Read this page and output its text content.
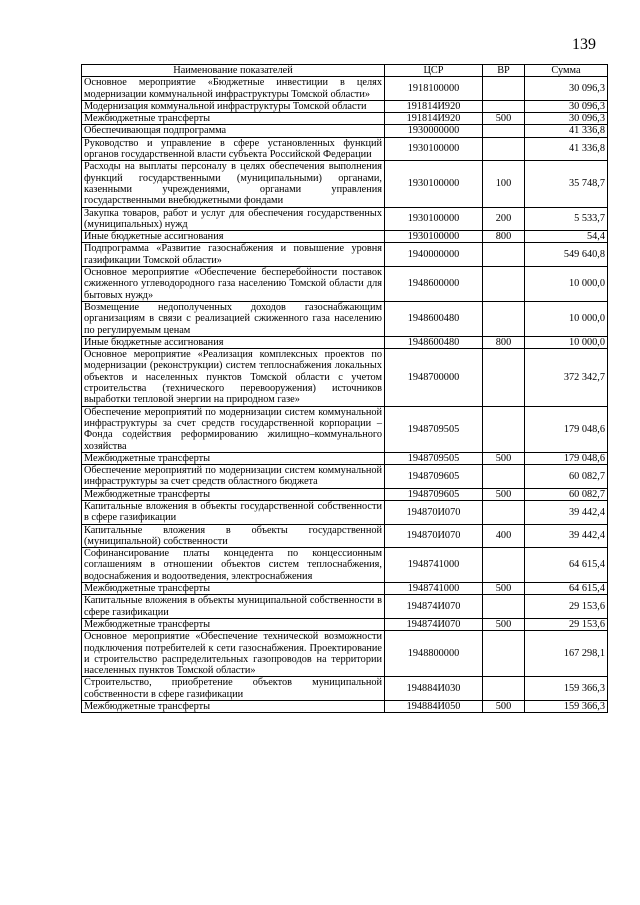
139
Наименование показателей	ЦСР	ВР	Сумма
Основное мероприятие «Бюджетные инвестиции в целях модернизации коммунальной инфраструктуры Томской области»	1918100000		30 096,3
Модернизация коммунальной инфраструктуры Томской области	191814И920		30 096,3
Межбюджетные трансферты	191814И920	500	30 096,3
Обеспечивающая подпрограмма	1930000000		41 336,8
Руководство и управление в сфере установленных функций органов государственной власти субъекта Российской Федерации	1930100000		41 336,8
Расходы на выплаты персоналу в целях обеспечения выполнения функций государственными (муниципальными) органами, казенными учреждениями, органами управления государственными внебюджетными фондами	1930100000	100	35 748,7
Закупка товаров, работ и услуг для обеспечения государственных (муниципальных) нужд	1930100000	200	5 533,7
Иные бюджетные ассигнования	1930100000	800	54,4
Подпрограмма «Развитие газоснабжения и повышение уровня газификации Томской области»	1940000000		549 640,8
Основное мероприятие «Обеспечение бесперебойности поставок сжиженного углеводородного газа населению Томской области для бытовых нужд»	1948600000		10 000,0
Возмещение недополученных доходов газоснабжающим организациям в связи с реализацией сжиженного газа населению по регулируемым ценам	1948600480		10 000,0
Иные бюджетные ассигнования	1948600480	800	10 000,0
Основное мероприятие «Реализация комплексных проектов по модернизации (реконструкции) систем теплоснабжения локальных объектов и населенных пунктов Томской области с учетом строительства (технического перевооружения) источников выработки тепловой энергии на природном газе»	1948700000		372 342,7
Обеспечение мероприятий по модернизации систем коммунальной инфраструктуры за счет средств государственной корпорации – Фонда содействия реформированию жилищно–коммунального хозяйства	1948709505		179 048,6
Межбюджетные трансферты	1948709505	500	179 048,6
Обеспечение мероприятий по модернизации систем коммунальной инфраструктуры за счет средств областного бюджета	1948709605		60 082,7
Межбюджетные трансферты	1948709605	500	60 082,7
Капитальные вложения в объекты государственной собственности в сфере газификации	194870И070		39 442,4
Капитальные вложения в объекты государственной (муниципальной) собственности	194870И070	400	39 442,4
Софинансирование платы концедента по концессионным соглашениям в отношении объектов систем теплоснабжения, водоснабжения и водоотведения, электроснабжения	1948741000		64 615,4
Межбюджетные трансферты	1948741000	500	64 615,4
Капитальные вложения в объекты муниципальной собственности в сфере газификации	194874И070		29 153,6
Межбюджетные трансферты	194874И070	500	29 153,6
Основное мероприятие «Обеспечение технической возможности подключения потребителей к сети газоснабжения. Проектирование и строительство распределительных газопроводов на территории населенных пунктов Томской области»	1948800000		167 298,1
Строительство, приобретение объектов муниципальной собственности в сфере газификации	194884И030		159 366,3
Межбюджетные трансферты	194884И050	500	159 366,3
